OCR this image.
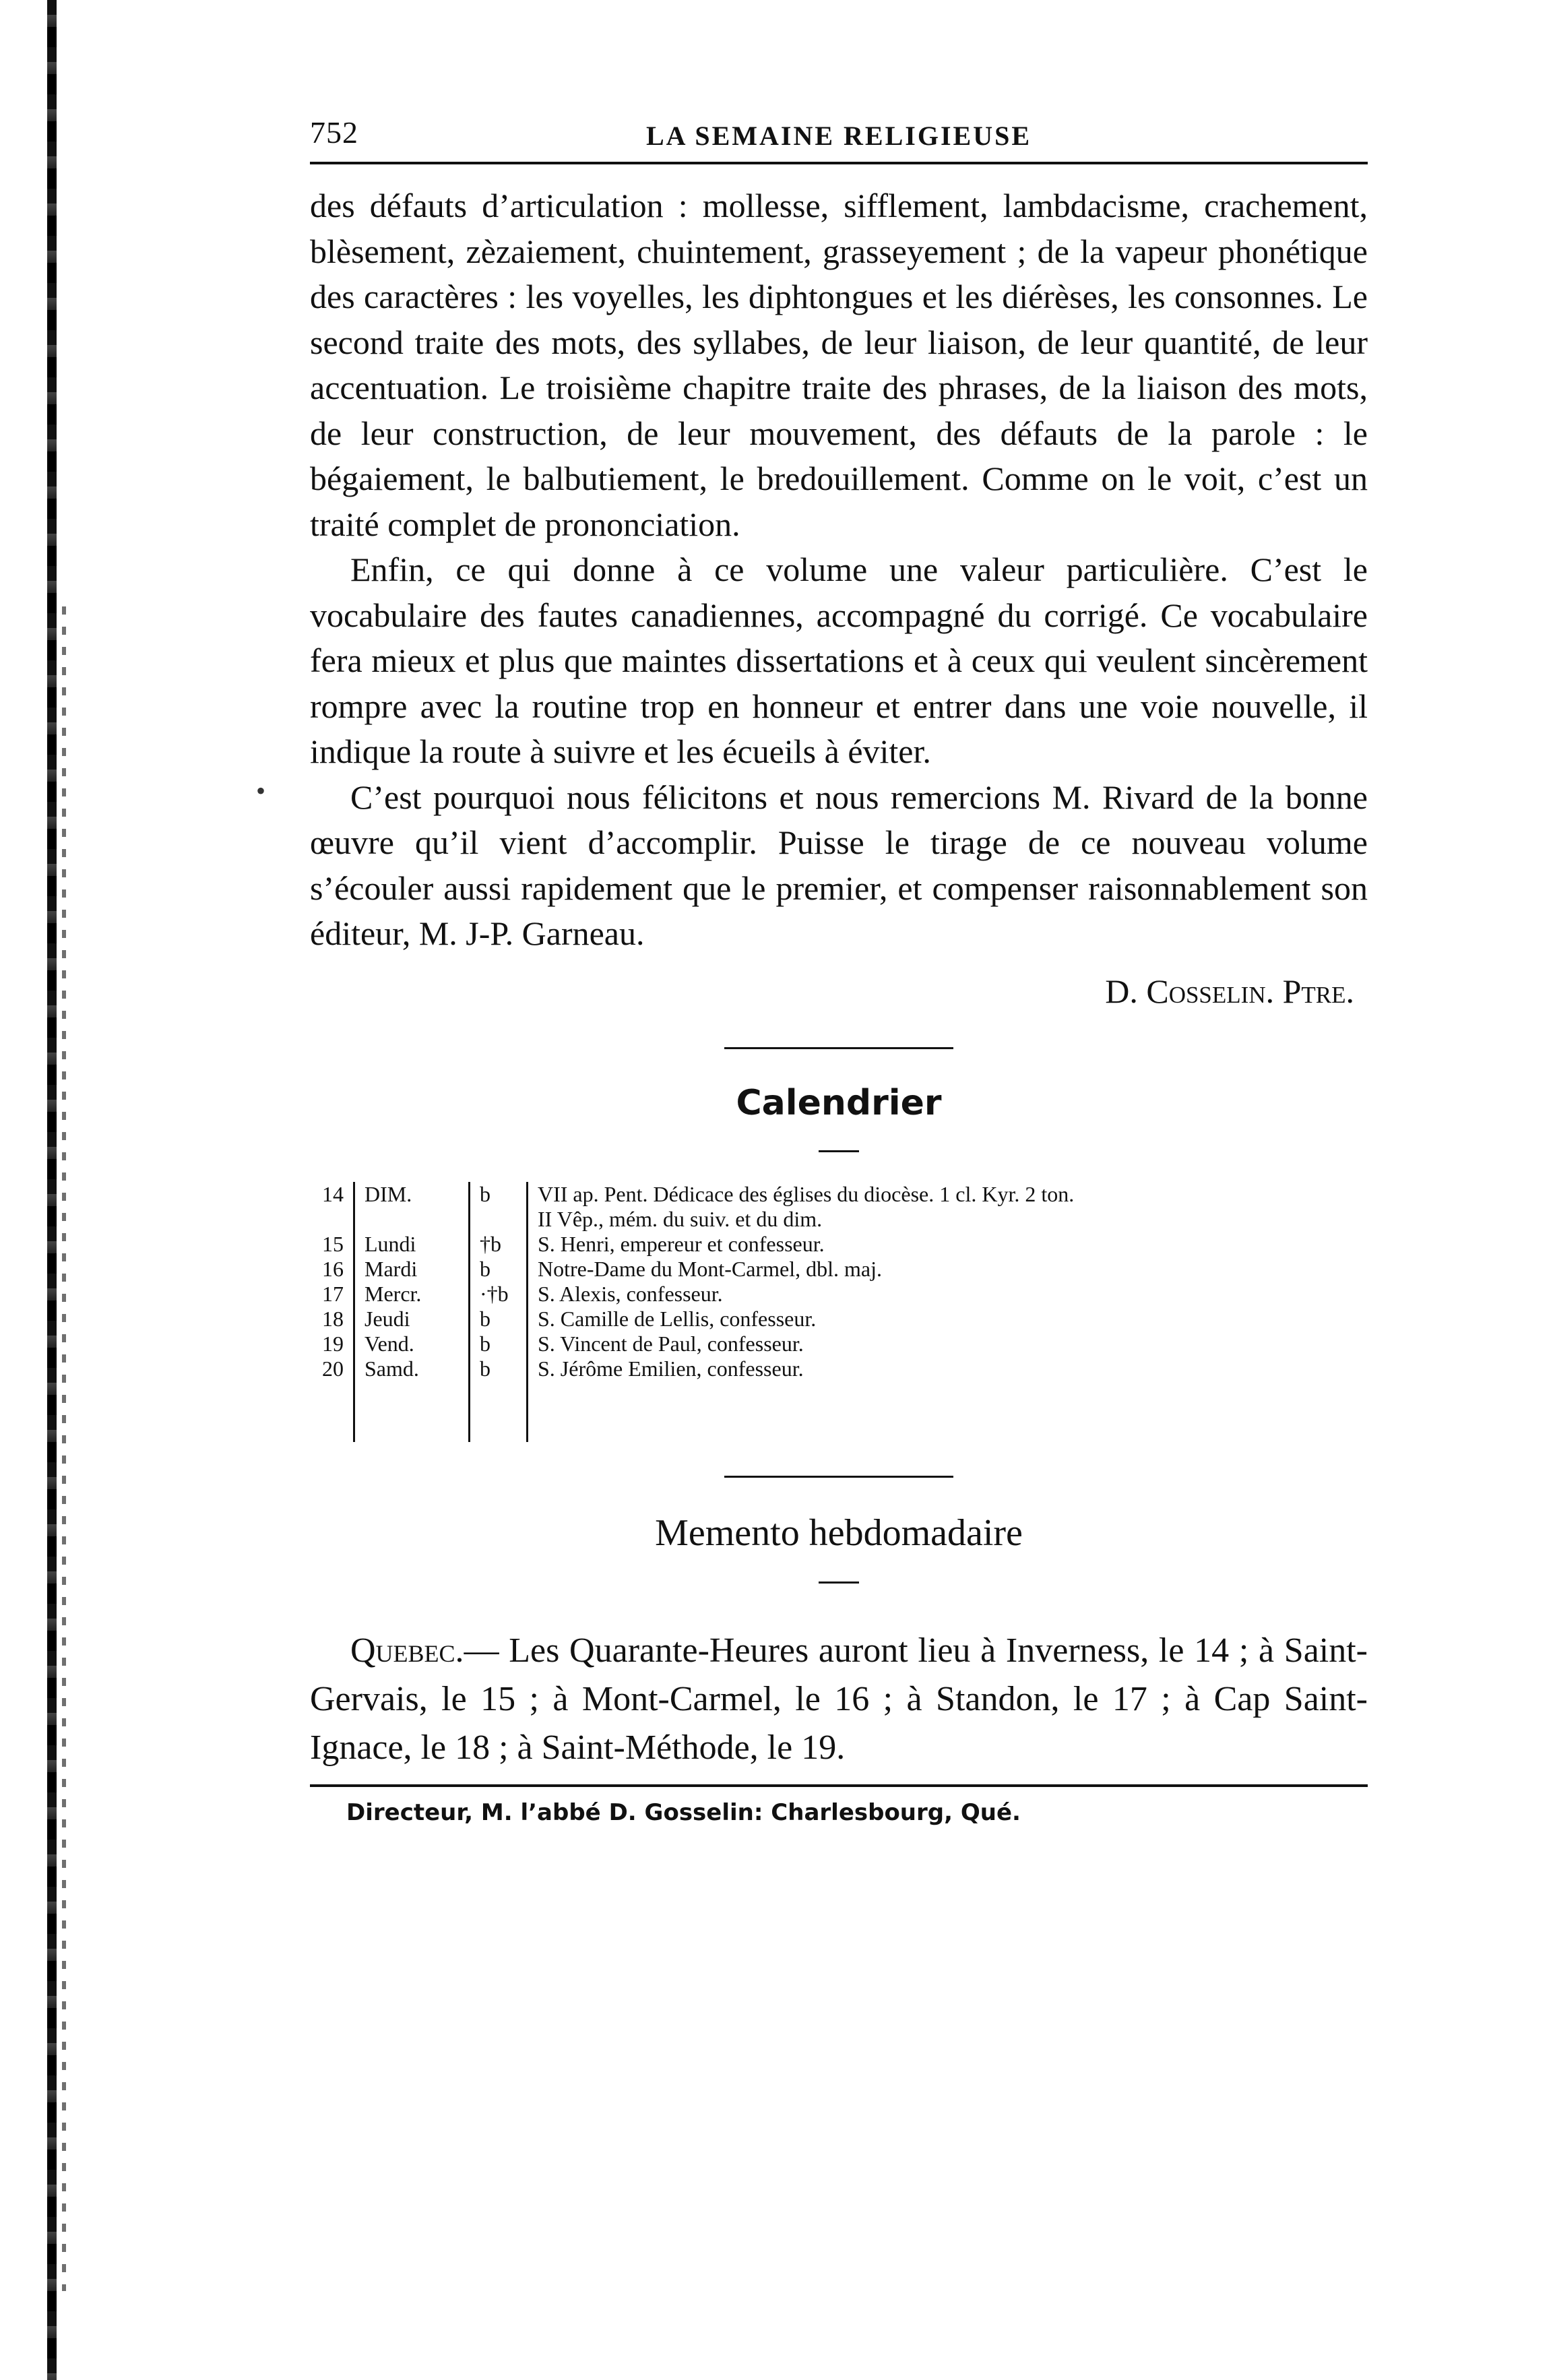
•
752	LA SEMAINE RELIGIEUSE

des défauts d’articulation : mollesse, sifflement, lambdacisme, crachement, blèsement, zèzaiement, chuintement, grasseyement ; de la vapeur phonétique des caractères : les voyelles, les diphtongues et les diérèses, les consonnes. Le second traite des mots, des syllabes, de leur liaison, de leur quantité, de leur accentuation. Le troisième chapitre traite des phrases, de la liaison des mots, de leur construction, de leur mouvement, des défauts de la parole : le bégaiement, le balbutiement, le bredouillement. Comme on le voit, c’est un traité complet de prononciation.

Enfin, ce qui donne à ce volume une valeur particulière. C’est le vocabulaire des fautes canadiennes, accompagné du corrigé. Ce vocabulaire fera mieux et plus que maintes dissertations et à ceux qui veulent sincèrement rompre avec la routine trop en honneur et entrer dans une voie nouvelle, il indique la route à suivre et les écueils à éviter.

C’est pourquoi nous félicitons et nous remercions M. Rivard de la bonne œuvre qu’il vient d’accomplir. Puisse le tirage de ce nouveau volume s’écouler aussi rapidement que le premier, et compenser raisonnablement son éditeur, M. J-P. Garneau.

D. Cosselin. Ptre.
Calendrier
14	DIM.	b	VII ap. Pent. Dédicace des églises du diocèse. 1 cl. Kyr. 2 ton.
			II Vêp., mém. du suiv. et du dim.
15	Lundi	†b	S. Henri, empereur et confesseur.
16	Mardi	b	Notre-Dame du Mont-Carmel, dbl. maj.
17	Mercr.	·†b	S. Alexis, confesseur.
18	Jeudi	b	S. Camille de Lellis, confesseur.
19	Vend.	b	S. Vincent de Paul, confesseur.
20	Samd.	b	S. Jérôme Emilien, confesseur.

Memento hebdomadaire

Quebec.— Les Quarante-Heures auront lieu à Inverness, le 14 ; à Saint-Gervais, le 15 ; à Mont-Carmel, le 16 ; à Standon, le 17 ; à Cap Saint-Ignace, le 18 ; à Saint-Méthode, le 19.

Directeur, M. l’abbé D. Gosselin: Charlesbourg, Qué.
